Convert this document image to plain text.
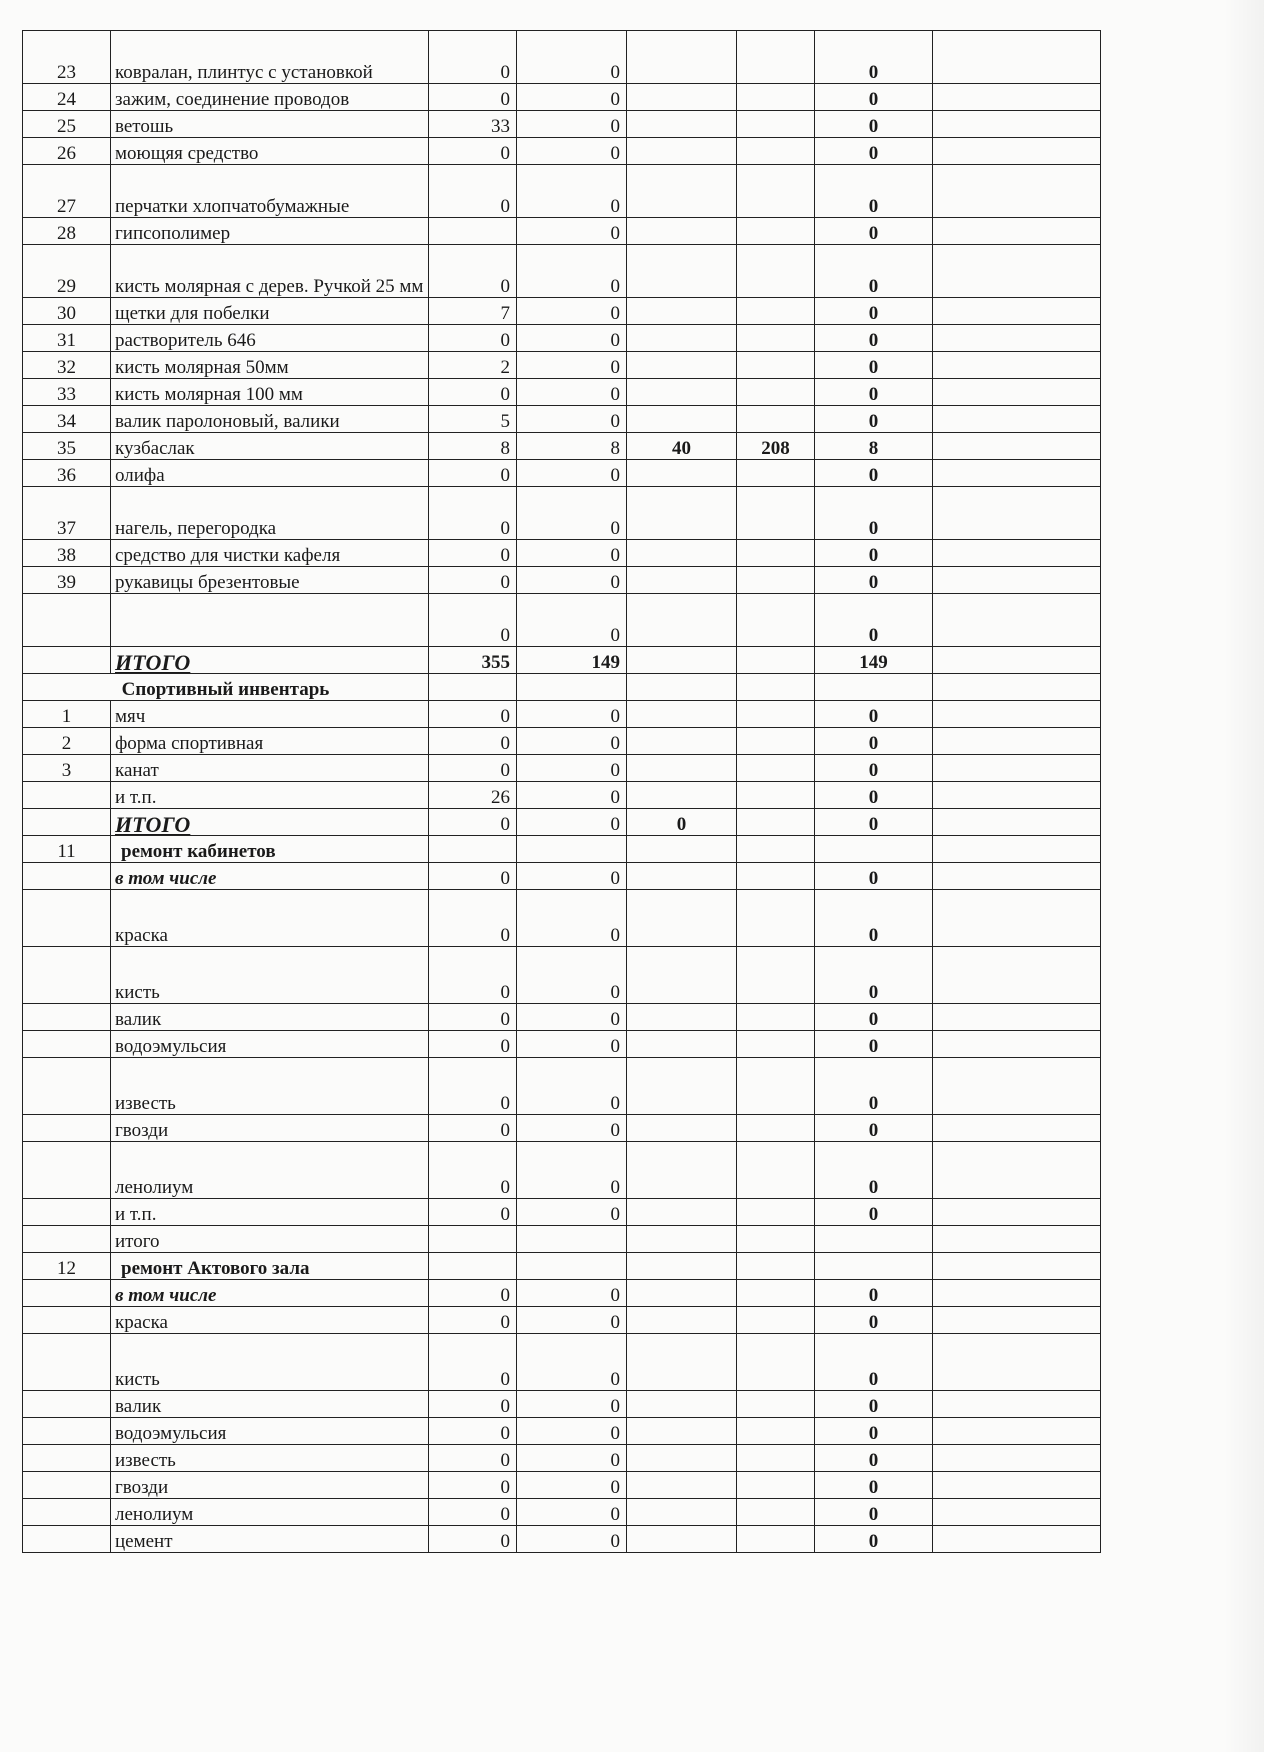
23	ковралан, плинтус с установкой	0	0			0	
24	зажим, соединение проводов	0	0			0	
25	ветошь	33	0			0	
26	моющяя средство	0	0			0	
27	перчатки хлопчатобумажные	0	0			0	
28	гипсополимер		0			0	
29	кисть молярная с дерев. Ручкой 25 мм	0	0			0	
30	щетки для побелки	7	0			0	
31	растворитель 646	0	0			0	
32	кисть молярная 50мм	2	0			0	
33	кисть молярная 100 мм	0	0			0	
34	валик паролоновый, валики	5	0			0	
35	кузбаслак	8	8	40	208	8	
36	олифа	0	0			0	
37	нагель, перегородка	0	0			0	
38	средство для чистки кафеля	0	0			0	
39	рукавицы брезентовые	0	0			0	
		0	0			0	
	ИТОГО	355	149			149	
Спортивный инвентарь							
1	мяч	0	0			0	
2	форма спортивная	0	0			0	
3	канат	0	0			0	
	и т.п.	26	0			0	
	ИТОГО	0	0	0		0	
11	ремонт кабинетов						
	в том числе	0	0			0	
	краска	0	0			0	
	кисть	0	0			0	
	валик	0	0			0	
	водоэмульсия	0	0			0	
	известь	0	0			0	
	гвозди	0	0			0	
	ленолиум	0	0			0	
	и т.п.	0	0			0	
	итого						
12	ремонт Актового зала						
	в том числе	0	0			0	
	краска	0	0			0	
	кисть	0	0			0	
	валик	0	0			0	
	водоэмульсия	0	0			0	
	известь	0	0			0	
	гвозди	0	0			0	
	ленолиум	0	0			0	
	цемент	0	0			0	
